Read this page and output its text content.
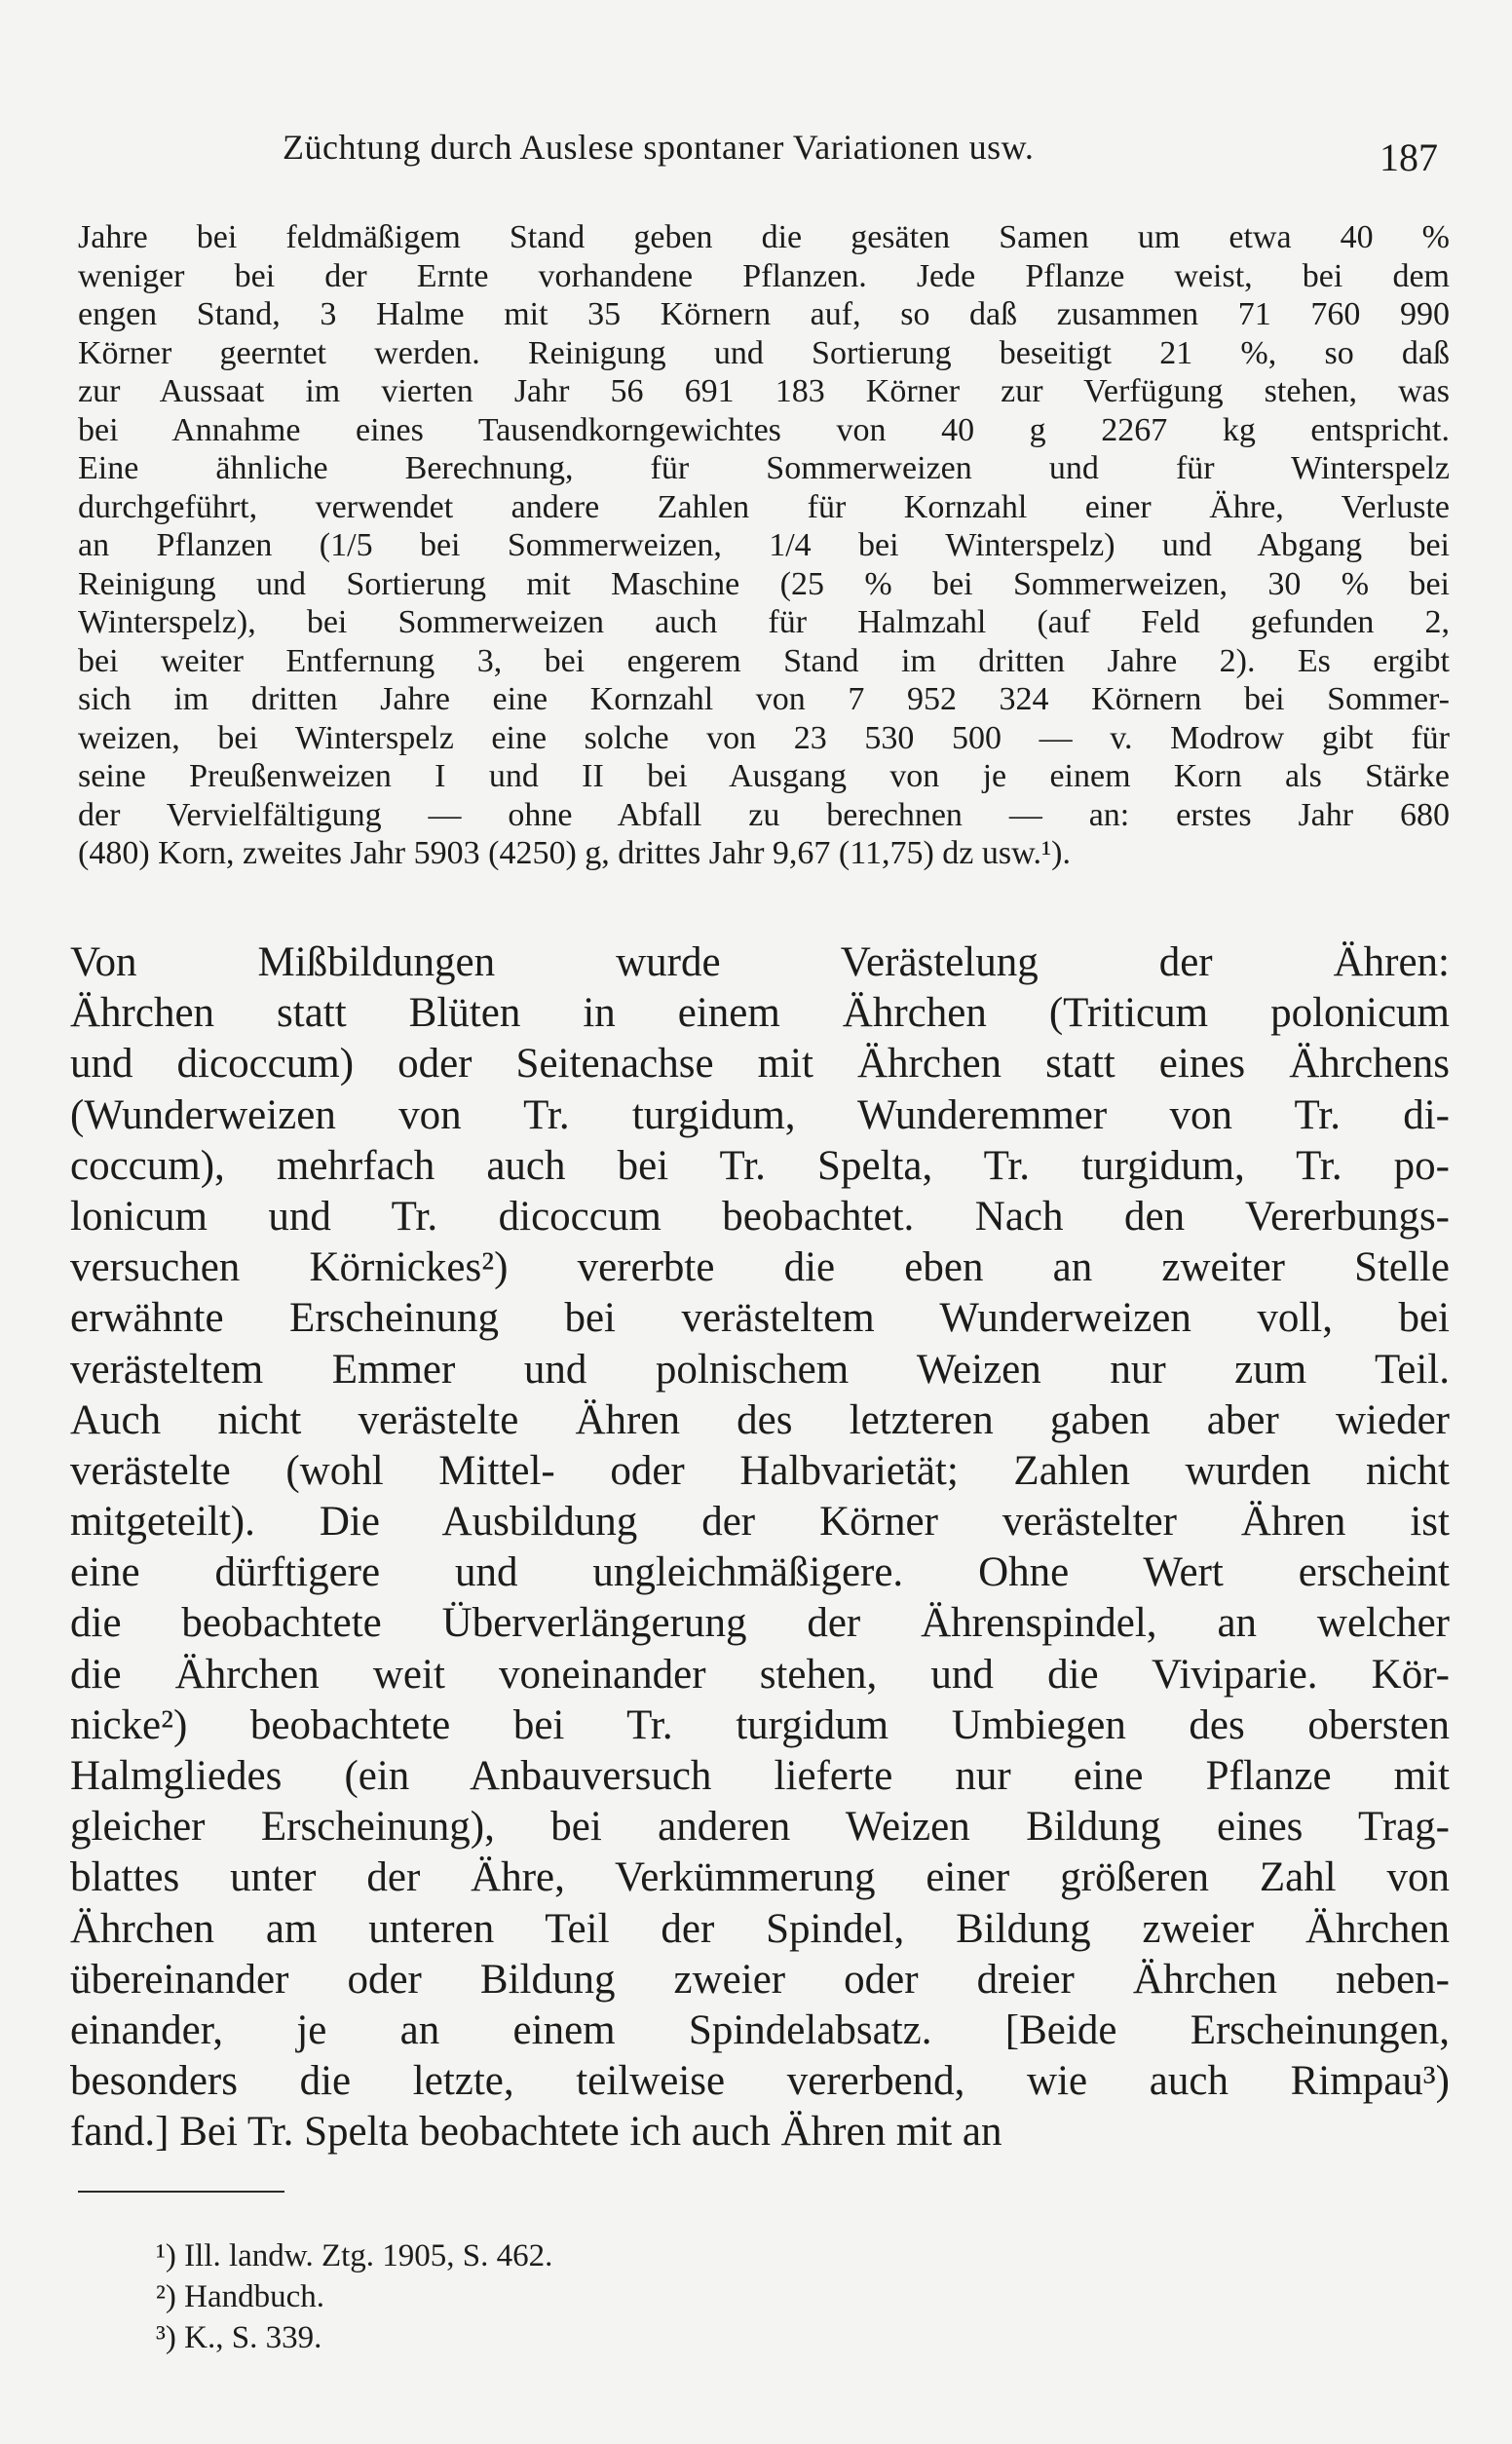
Züchtung durch Auslese spontaner Variationen usw.	187
Jahre bei feldmäßigem Stand geben die gesäten Samen um etwa 40 %
weniger bei der Ernte vorhandene Pflanzen. Jede Pflanze weist, bei dem
engen Stand, 3 Halme mit 35 Körnern auf, so daß zusammen 71 760 990
Körner geerntet werden. Reinigung und Sortierung beseitigt 21 %, so daß
zur Aussaat im vierten Jahr 56 691 183 Körner zur Verfügung stehen, was
bei Annahme eines Tausendkorngewichtes von 40 g 2267 kg entspricht.
Eine ähnliche Berechnung, für Sommerweizen und für Winterspelz
durchgeführt, verwendet andere Zahlen für Kornzahl einer Ähre, Verluste
an Pflanzen (1/5 bei Sommerweizen, 1/4 bei Winterspelz) und Abgang bei
Reinigung und Sortierung mit Maschine (25 % bei Sommerweizen, 30 % bei
Winterspelz), bei Sommerweizen auch für Halmzahl (auf Feld gefunden 2,
bei weiter Entfernung 3, bei engerem Stand im dritten Jahre 2). Es ergibt
sich im dritten Jahre eine Kornzahl von 7 952 324 Körnern bei Sommer-
weizen, bei Winterspelz eine solche von 23 530 500 — v. Modrow gibt für
seine Preußenweizen I und II bei Ausgang von je einem Korn als Stärke
der Vervielfältigung — ohne Abfall zu berechnen — an: erstes Jahr 680
(480) Korn, zweites Jahr 5903 (4250) g, drittes Jahr 9,67 (11,75) dz usw.¹).
Von Mißbildungen wurde Verästelung der Ähren:
Ährchen statt Blüten in einem Ährchen (Triticum polonicum
und dicoccum) oder Seitenachse mit Ährchen statt eines Ährchens
(Wunderweizen von Tr. turgidum, Wunderemmer von Tr. di-
coccum), mehrfach auch bei Tr. Spelta, Tr. turgidum, Tr. po-
lonicum und Tr. dicoccum beobachtet. Nach den Vererbungs-
versuchen Körnickes²) vererbte die eben an zweiter Stelle
erwähnte Erscheinung bei verästeltem Wunderweizen voll, bei
verästeltem Emmer und polnischem Weizen nur zum Teil.
Auch nicht verästelte Ähren des letzteren gaben aber wieder
verästelte (wohl Mittel- oder Halbvarietät; Zahlen wurden nicht
mitgeteilt). Die Ausbildung der Körner verästelter Ähren ist
eine dürftigere und ungleichmäßigere. Ohne Wert erscheint
die beobachtete Überverlängerung der Ährenspindel, an welcher
die Ährchen weit voneinander stehen, und die Viviparie. Kör-
nicke²) beobachtete bei Tr. turgidum Umbiegen des obersten
Halmgliedes (ein Anbauversuch lieferte nur eine Pflanze mit
gleicher Erscheinung), bei anderen Weizen Bildung eines Trag-
blattes unter der Ähre, Verkümmerung einer größeren Zahl von
Ährchen am unteren Teil der Spindel, Bildung zweier Ährchen
übereinander oder Bildung zweier oder dreier Ährchen neben-
einander, je an einem Spindelabsatz. [Beide Erscheinungen,
besonders die letzte, teilweise vererbend, wie auch Rimpau³)
fand.] Bei Tr. Spelta beobachtete ich auch Ähren mit an
¹) Ill. landw. Ztg. 1905, S. 462.
²) Handbuch.
³) K., S. 339.
